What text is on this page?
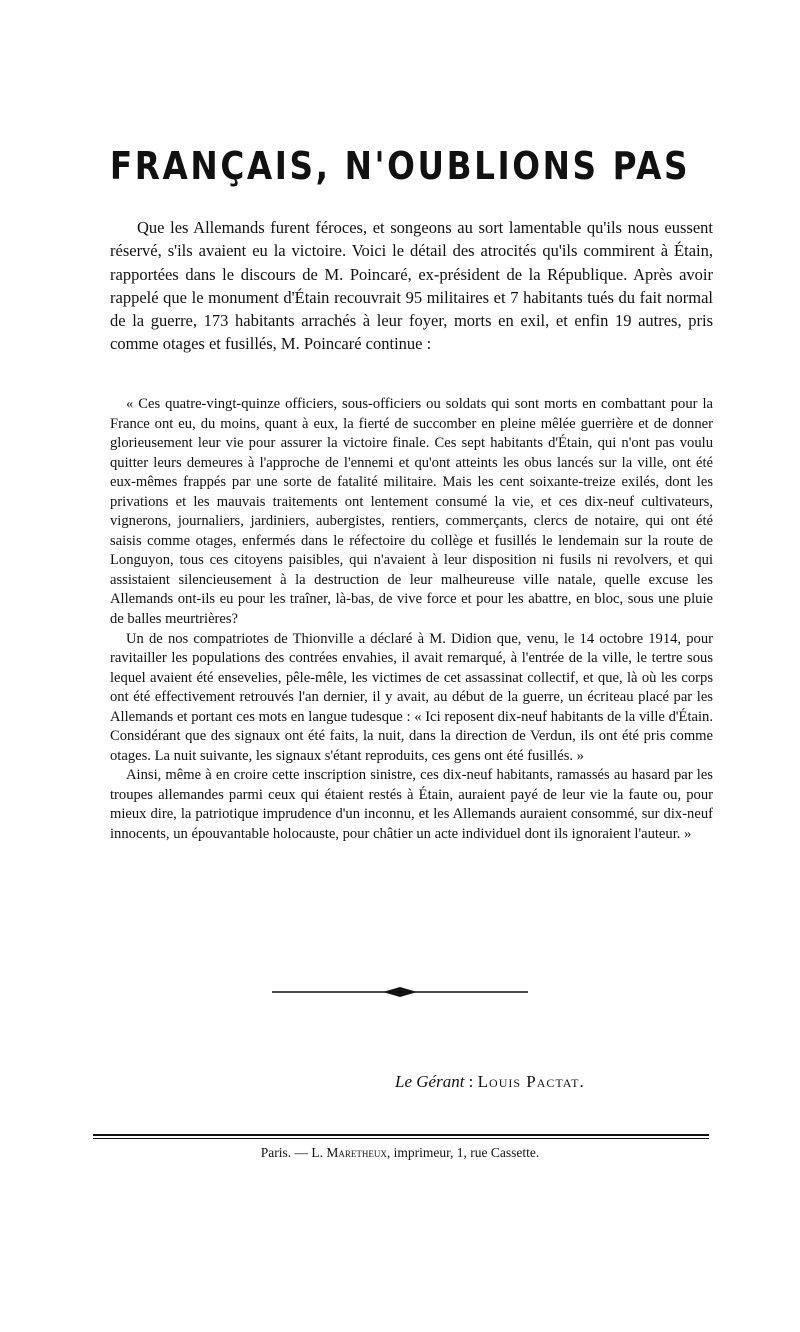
FRANÇAIS, N'OUBLIONS PAS

Que les Allemands furent féroces, et songeons au sort lamentable qu'ils nous eussent réservé, s'ils avaient eu la victoire. Voici le détail des atrocités qu'ils commirent à Étain, rapportées dans le discours de M. Poincaré, ex-président de la République. Après avoir rappelé que le monument d'Étain recouvrait 95 militaires et 7 habitants tués du fait normal de la guerre, 173 habitants arrachés à leur foyer, morts en exil, et enfin 19 autres, pris comme otages et fusillés, M. Poincaré continue :

« Ces quatre-vingt-quinze officiers, sous-officiers ou soldats qui sont morts en combattant pour la France ont eu, du moins, quant à eux, la fierté de succomber en pleine mêlée guerrière et de donner glorieusement leur vie pour assurer la victoire finale. Ces sept habitants d'Étain, qui n'ont pas voulu quitter leurs demeures à l'approche de l'ennemi et qu'ont atteints les obus lancés sur la ville, ont été eux-mêmes frappés par une sorte de fatalité militaire. Mais les cent soixante-treize exilés, dont les privations et les mauvais traitements ont lentement consumé la vie, et ces dix-neuf cultivateurs, vignerons, journaliers, jardiniers, aubergistes, rentiers, commerçants, clercs de notaire, qui ont été saisis comme otages, enfermés dans le réfectoire du collège et fusillés le lendemain sur la route de Longuyon, tous ces citoyens paisibles, qui n'avaient à leur disposition ni fusils ni revolvers, et qui assistaient silencieusement à la destruction de leur malheureuse ville natale, quelle excuse les Allemands ont-ils eu pour les traîner, là-bas, de vive force et pour les abattre, en bloc, sous une pluie de balles meurtrières?

Un de nos compatriotes de Thionville a déclaré à M. Didion que, venu, le 14 octobre 1914, pour ravitailler les populations des contrées envahies, il avait remarqué, à l'entrée de la ville, le tertre sous lequel avaient été ensevelies, pêle-mêle, les victimes de cet assassinat collectif, et que, là où les corps ont été effectivement retrouvés l'an dernier, il y avait, au début de la guerre, un écriteau placé par les Allemands et portant ces mots en langue tudesque : « Ici reposent dix-neuf habitants de la ville d'Étain. Considérant que des signaux ont été faits, la nuit, dans la direction de Verdun, ils ont été pris comme otages. La nuit suivante, les signaux s'étant reproduits, ces gens ont été fusillés. »

Ainsi, même à en croire cette inscription sinistre, ces dix-neuf habitants, ramassés au hasard par les troupes allemandes parmi ceux qui étaient restés à Étain, auraient payé de leur vie la faute ou, pour mieux dire, la patriotique imprudence d'un inconnu, et les Allemands auraient consommé, sur dix-neuf innocents, un épouvantable holocauste, pour châtier un acte individuel dont ils ignoraient l'auteur. »

Le Gérant : Louis Pactat.

Paris. — L. Maretheux, imprimeur, 1, rue Cassette.
